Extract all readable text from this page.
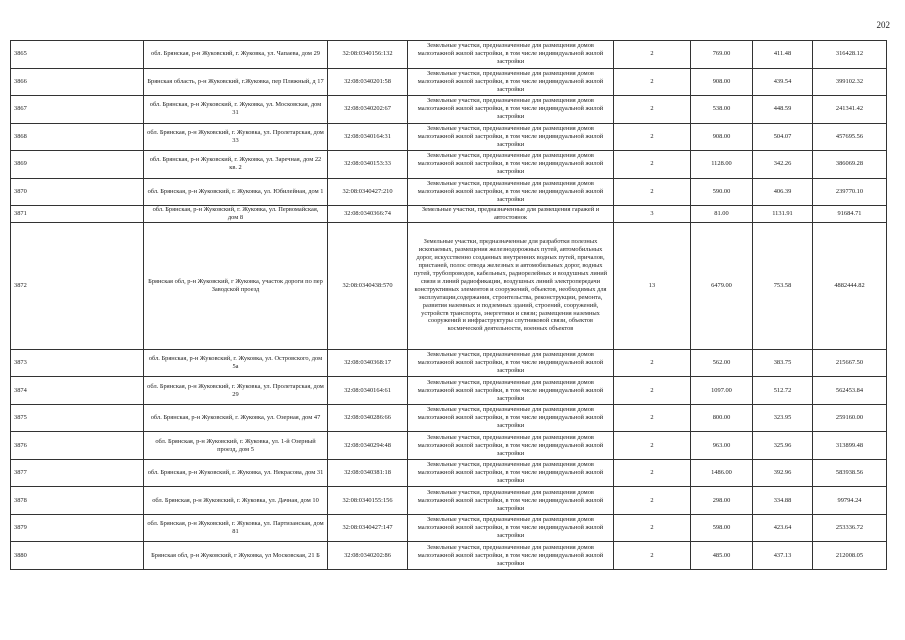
202
3865	обл. Брянская, р-н Жуковский, г. Жуковка, ул. Чапаева, дом 29	32:08:0340156:132	Земельные участки, предназначенные для размещения домов малоэтажной жилой застройки, в том числе индивидуальной жилой застройки	2	769.00	411.48	316428.12
3866	Брянская область, р-н Жуковский, г.Жуковка, пер Пляжный, д 17	32:08:0340201:58	Земельные участки, предназначенные для размещения домов малоэтажной жилой застройки, в том числе индивидуальной жилой застройки	2	908.00	439.54	399102.32
3867	обл. Брянская, р-н Жуковский, г. Жуковка, ул. Московская, дом 31	32:08:0340202:67	Земельные участки, предназначенные для размещения домов малоэтажной жилой застройки, в том числе индивидуальной жилой застройки	2	538.00	448.59	241341.42
3868	обл. Брянская, р-н Жуковский, г. Жуковка, ул. Пролетарская, дом 33	32:08:0340164:31	Земельные участки, предназначенные для размещения домов малоэтажной жилой застройки, в том числе индивидуальной жилой застройки	2	908.00	504.07	457695.56
3869	обл. Брянская, р-н Жуковский, г. Жуковка, ул. Заречная, дом 22 кв. 2	32:08:0340153:33	Земельные участки, предназначенные для размещения домов малоэтажной жилой застройки, в том числе индивидуальной жилой застройки	2	1128.00	342.26	386069.28
3870	обл. Брянская, р-н Жуковский, г. Жуковка, ул. Юбилейная, дом 1	32:08:0340427:210	Земельные участки, предназначенные для размещения домов малоэтажной жилой застройки, в том числе индивидуальной жилой застройки	2	590.00	406.39	239770.10
3871	обл. Брянская, р-н Жуковский, г. Жуковка, ул. Первомайская, дом 8	32:08:0340366:74	Земельные участки, предназначенные для размещения гаражей и автостоянок	3	81.00	1131.91	91684.71
3872	Брянская обл, р-н Жуковский, г Жуковка, участок дороги по пер Заводской проезд	32:08:0340438:570	Земельные участки, предназначенные для разработки полезных ископаемых, размещения железнодорожных путей, автомобильных дорог, искусственно созданных внутренних водных путей, причалов, пристаней, полос отвода железных и автомобильных дорог, водных путей, трубопроводов, кабельных, радиорелейных и воздушных линий связи и линий радиофикации, воздушных линий электропередачи конструктивных элементов и сооружений, объектов, необходимых для эксплуатации,содержания, строительства, реконструкции, ремонта, развития наземных и подземных зданий, строений, сооружений, устройств транспорта, энергетики и связи; размещения наземных сооружений и инфраструктуры спутниковой связи, объектов космической деятельности, военных объектов	13	6479.00	753.58	4882444.82
3873	обл. Брянская, р-н Жуковский, г. Жуковка, ул. Островского, дом 5а	32:08:0340368:17	Земельные участки, предназначенные для размещения домов малоэтажной жилой застройки, в том числе индивидуальной жилой застройки	2	562.00	383.75	215667.50
3874	обл. Брянская, р-н Жуковский, г. Жуковка, ул. Пролетарская, дом 29	32:08:0340164:61	Земельные участки, предназначенные для размещения домов малоэтажной жилой застройки, в том числе индивидуальной жилой застройки	2	1097.00	512.72	562453.84
3875	обл. Брянская, р-н Жуковский, г. Жуковка, ул. Озерная, дом 47	32:08:0340286:66	Земельные участки, предназначенные для размещения домов малоэтажной жилой застройки, в том числе индивидуальной жилой застройки	2	800.00	323.95	259160.00
3876	обл. Брянская, р-н Жуковский, г. Жуковка, ул. 1-й Озерный проезд, дом 5	32:08:0340294:48	Земельные участки, предназначенные для размещения домов малоэтажной жилой застройки, в том числе индивидуальной жилой застройки	2	963.00	325.96	313899.48
3877	обл. Брянская, р-н Жуковский, г. Жуковка, ул. Некрасова, дом 31	32:08:0340381:18	Земельные участки, предназначенные для размещения домов малоэтажной жилой застройки, в том числе индивидуальной жилой застройки	2	1486.00	392.96	583938.56
3878	обл. Брянская, р-н Жуковский, г. Жуковка, ул. Дачная, дом 10	32:08:0340155:156	Земельные участки, предназначенные для размещения домов малоэтажной жилой застройки, в том числе индивидуальной жилой застройки	2	298.00	334.88	99794.24
3879	обл. Брянская, р-н Жуковский, г. Жуковка, ул. Партизанская, дом 81	32:08:0340427:147	Земельные участки, предназначенные для размещения домов малоэтажной жилой застройки, в том числе индивидуальной жилой застройки	2	598.00	423.64	253336.72
3880	Брянская обл, р-н Жуковский, г Жуковка, ул Московская, 21 Б	32:08:0340202:86	Земельные участки, предназначенные для размещения домов малоэтажной жилой застройки, в том числе индивидуальной жилой застройки	2	485.00	437.13	212008.05
